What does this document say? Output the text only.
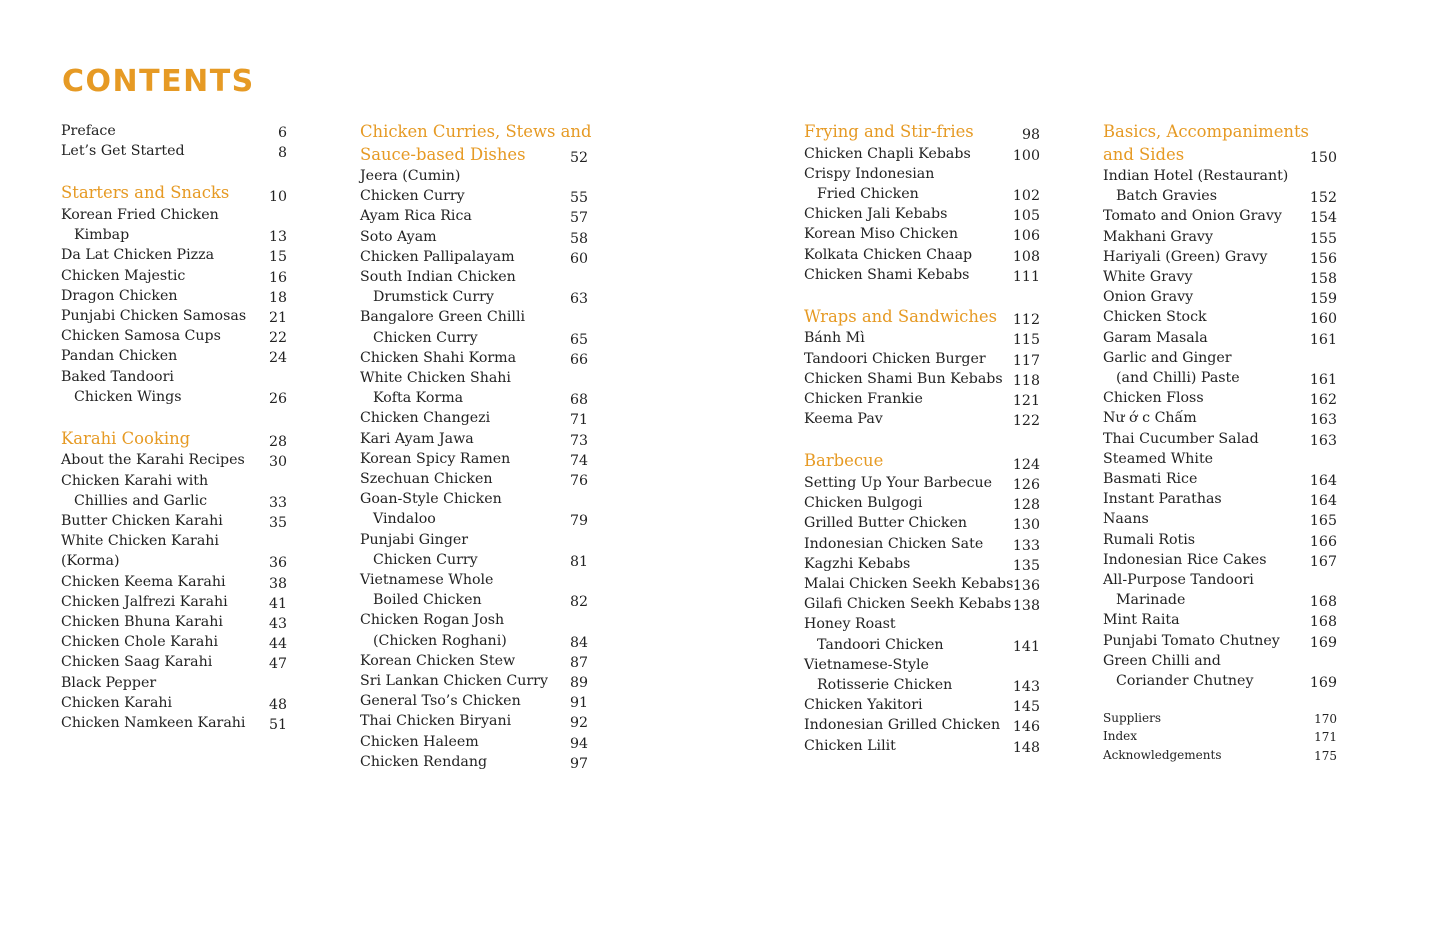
CONTENTS
Preface	6
Let’s Get Started	8
Starters and Snacks	10
Korean Fried Chicken
Kimbap	13
Da Lat Chicken Pizza	15
Chicken Majestic	16
Dragon Chicken	18
Punjabi Chicken Samosas	21
Chicken Samosa Cups	22
Pandan Chicken	24
Baked Tandoori
Chicken Wings	26
Karahi Cooking	28
About the Karahi Recipes	30
Chicken Karahi with
Chillies and Garlic	33
Butter Chicken Karahi	35
White Chicken Karahi
(Korma)	36
Chicken Keema Karahi	38
Chicken Jalfrezi Karahi	41
Chicken Bhuna Karahi	43
Chicken Chole Karahi	44
Chicken Saag Karahi	47
Black Pepper
Chicken Karahi	48
Chicken Namkeen Karahi	51
Chicken Curries, Stews and
Sauce-based Dishes	52
Jeera (Cumin)
Chicken Curry	55
Ayam Rica Rica	57
Soto Ayam	58
Chicken Pallipalayam	60
South Indian Chicken
Drumstick Curry	63
Bangalore Green Chilli
Chicken Curry	65
Chicken Shahi Korma	66
White Chicken Shahi
Kofta Korma	68
Chicken Changezi	71
Kari Ayam Jawa	73
Korean Spicy Ramen	74
Szechuan Chicken	76
Goan-Style Chicken
Vindaloo	79
Punjabi Ginger
Chicken Curry	81
Vietnamese Whole
Boiled Chicken	82
Chicken Rogan Josh
(Chicken Roghani)	84
Korean Chicken Stew	87
Sri Lankan Chicken Curry 89
General Tso’s Chicken	91
Thai Chicken Biryani	92
Chicken Haleem	94
Chicken Rendang	97
Frying and Stir-fries	98
Chicken Chapli Kebabs	100
Crispy Indonesian
Fried Chicken	102
Chicken Jali Kebabs	105
Korean Miso Chicken	106
Kolkata Chicken Chaap	108
Chicken Shami Kebabs	111
Wraps and Sandwiches	112
Bánh Mì	115
Tandoori Chicken Burger	117
Chicken Shami Bun Kebabs 118
Chicken Frankie	121
Keema Pav	122
Barbecue	124
Setting Up Your Barbecue	126
Chicken Bulgogi	128
Grilled Butter Chicken	130
Indonesian Chicken Sate	133
Kagzhi Kebabs	135
Malai Chicken Seekh Kebabs 136
Gilafi Chicken Seekh Kebabs 138
Honey Roast
Tandoori Chicken	141
Vietnamese-Style
Rotisserie Chicken	143
Chicken Yakitori	145
Indonesian Grilled Chicken 146
Chicken Lilit	148
Basics, Accompaniments
and Sides	150
Indian Hotel (Restaurant)
Batch Gravies	152
Tomato and Onion Gravy	154
Makhani Gravy	155
Hariyali (Green) Gravy	156
White Gravy	158
Onion Gravy	159
Chicken Stock	160
Garam Masala	161
Garlic and Ginger
(and Chilli) Paste	161
Chicken Floss	162
Nư ớ c Chấm	163
Thai Cucumber Salad	163
Steamed White
Basmati Rice	164
Instant Parathas	164
Naans	165
Rumali Rotis	166
Indonesian Rice Cakes	167
All-Purpose Tandoori
Marinade	168
Mint Raita	168
Punjabi Tomato Chutney	169
Green Chilli and
Coriander Chutney	169
Suppliers	170
Index	171
Acknowledgements	175
